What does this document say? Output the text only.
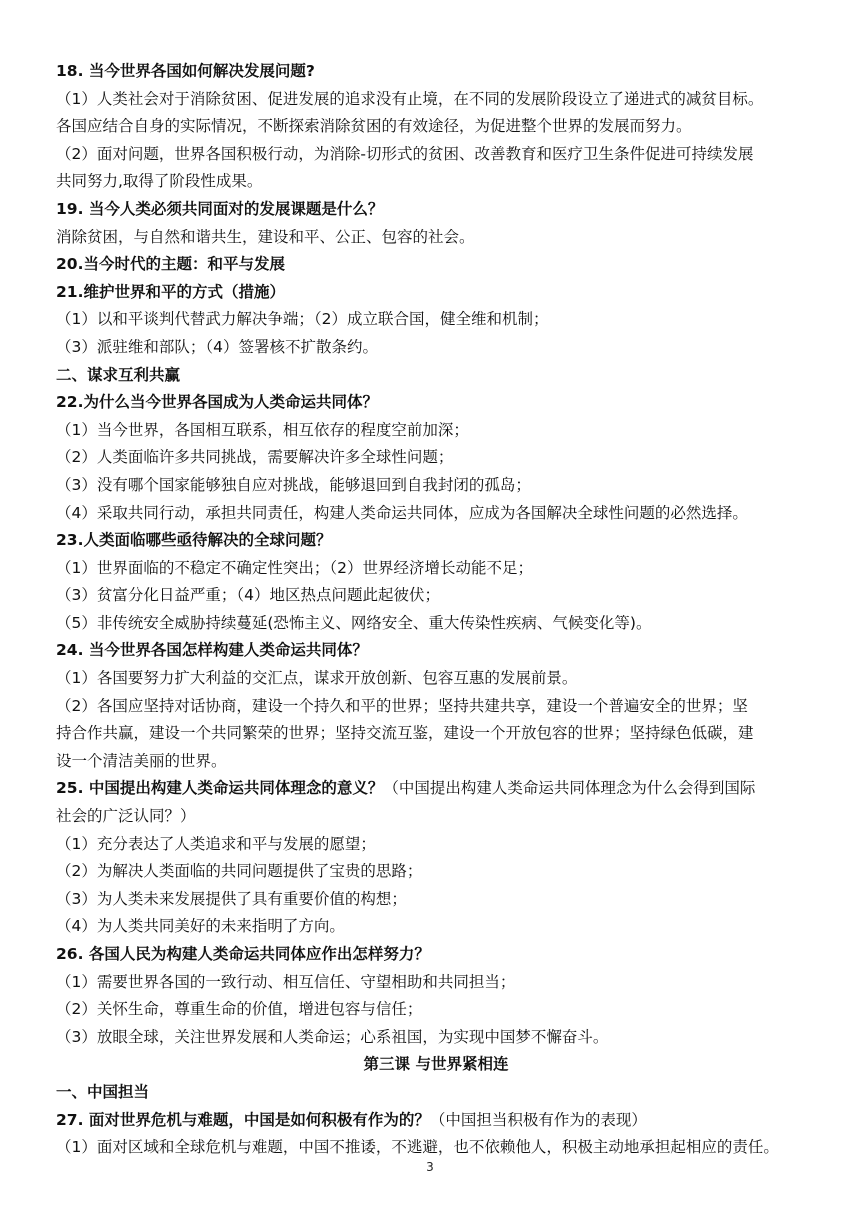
18. 当今世界各国如何解决发展问题?

（1）人类社会对于消除贫困、促进发展的追求没有止境，在不同的发展阶段设立了递进式的减贫目标。

各国应结合自身的实际情况，不断探索消除贫困的有效途径，为促进整个世界的发展而努力。

（2）面对问题，世界各国积极行动，为消除-切形式的贫困、改善教育和医疗卫生条件促进可持续发展

共同努力,取得了阶段性成果。

19. 当今人类必须共同面对的发展课题是什么？

消除贫困，与自然和谐共生，建设和平、公正、包容的社会。

20.当今时代的主题：和平与发展

21.维护世界和平的方式（措施）

（1）以和平谈判代替武力解决争端；（2）成立联合国，健全维和机制；

（3）派驻维和部队；（4）签署核不扩散条约。

二、谋求互利共赢

22.为什么当今世界各国成为人类命运共同体？

（1）当今世界，各国相互联系，相互依存的程度空前加深；

（2）人类面临许多共同挑战，需要解决许多全球性问题；

（3）没有哪个国家能够独自应对挑战，能够退回到自我封闭的孤岛；

（4）采取共同行动，承担共同责任，构建人类命运共同体，应成为各国解决全球性问题的必然选择。

23.人类面临哪些亟待解决的全球问题？

（1）世界面临的不稳定不确定性突出；（2）世界经济增长动能不足；

（3）贫富分化日益严重；（4）地区热点问题此起彼伏；

（5）非传统安全威胁持续蔓延(恐怖主义、网络安全、重大传染性疾病、气候变化等)。

24. 当今世界各国怎样构建人类命运共同体？

（1）各国要努力扩大利益的交汇点，谋求开放创新、包容互惠的发展前景。

（2）各国应坚持对话协商，建设一个持久和平的世界；坚持共建共享，建设一个普遍安全的世界；坚

持合作共赢，建设一个共同繁荣的世界；坚持交流互鉴，建设一个开放包容的世界；坚持绿色低碳，建

设一个清洁美丽的世界。

25. 中国提出构建人类命运共同体理念的意义？（中国提出构建人类命运共同体理念为什么会得到国际

社会的广泛认同？）

（1）充分表达了人类追求和平与发展的愿望；

（2）为解决人类面临的共同问题提供了宝贵的思路；

（3）为人类未来发展提供了具有重要价值的构想；

（4）为人类共同美好的未来指明了方向。

26. 各国人民为构建人类命运共同体应作出怎样努力？

（1）需要世界各国的一致行动、相互信任、守望相助和共同担当；

（2）关怀生命，尊重生命的价值，增进包容与信任；

（3）放眼全球，关注世界发展和人类命运；心系祖国，为实现中国梦不懈奋斗。

第三课 与世界紧相连

一、中国担当

27. 面对世界危机与难题，中国是如何积极有作为的？（中国担当积极有作为的表现）

（1）面对区域和全球危机与难题，中国不推诿，不逃避，也不依赖他人，积极主动地承担起相应的责任。

3
